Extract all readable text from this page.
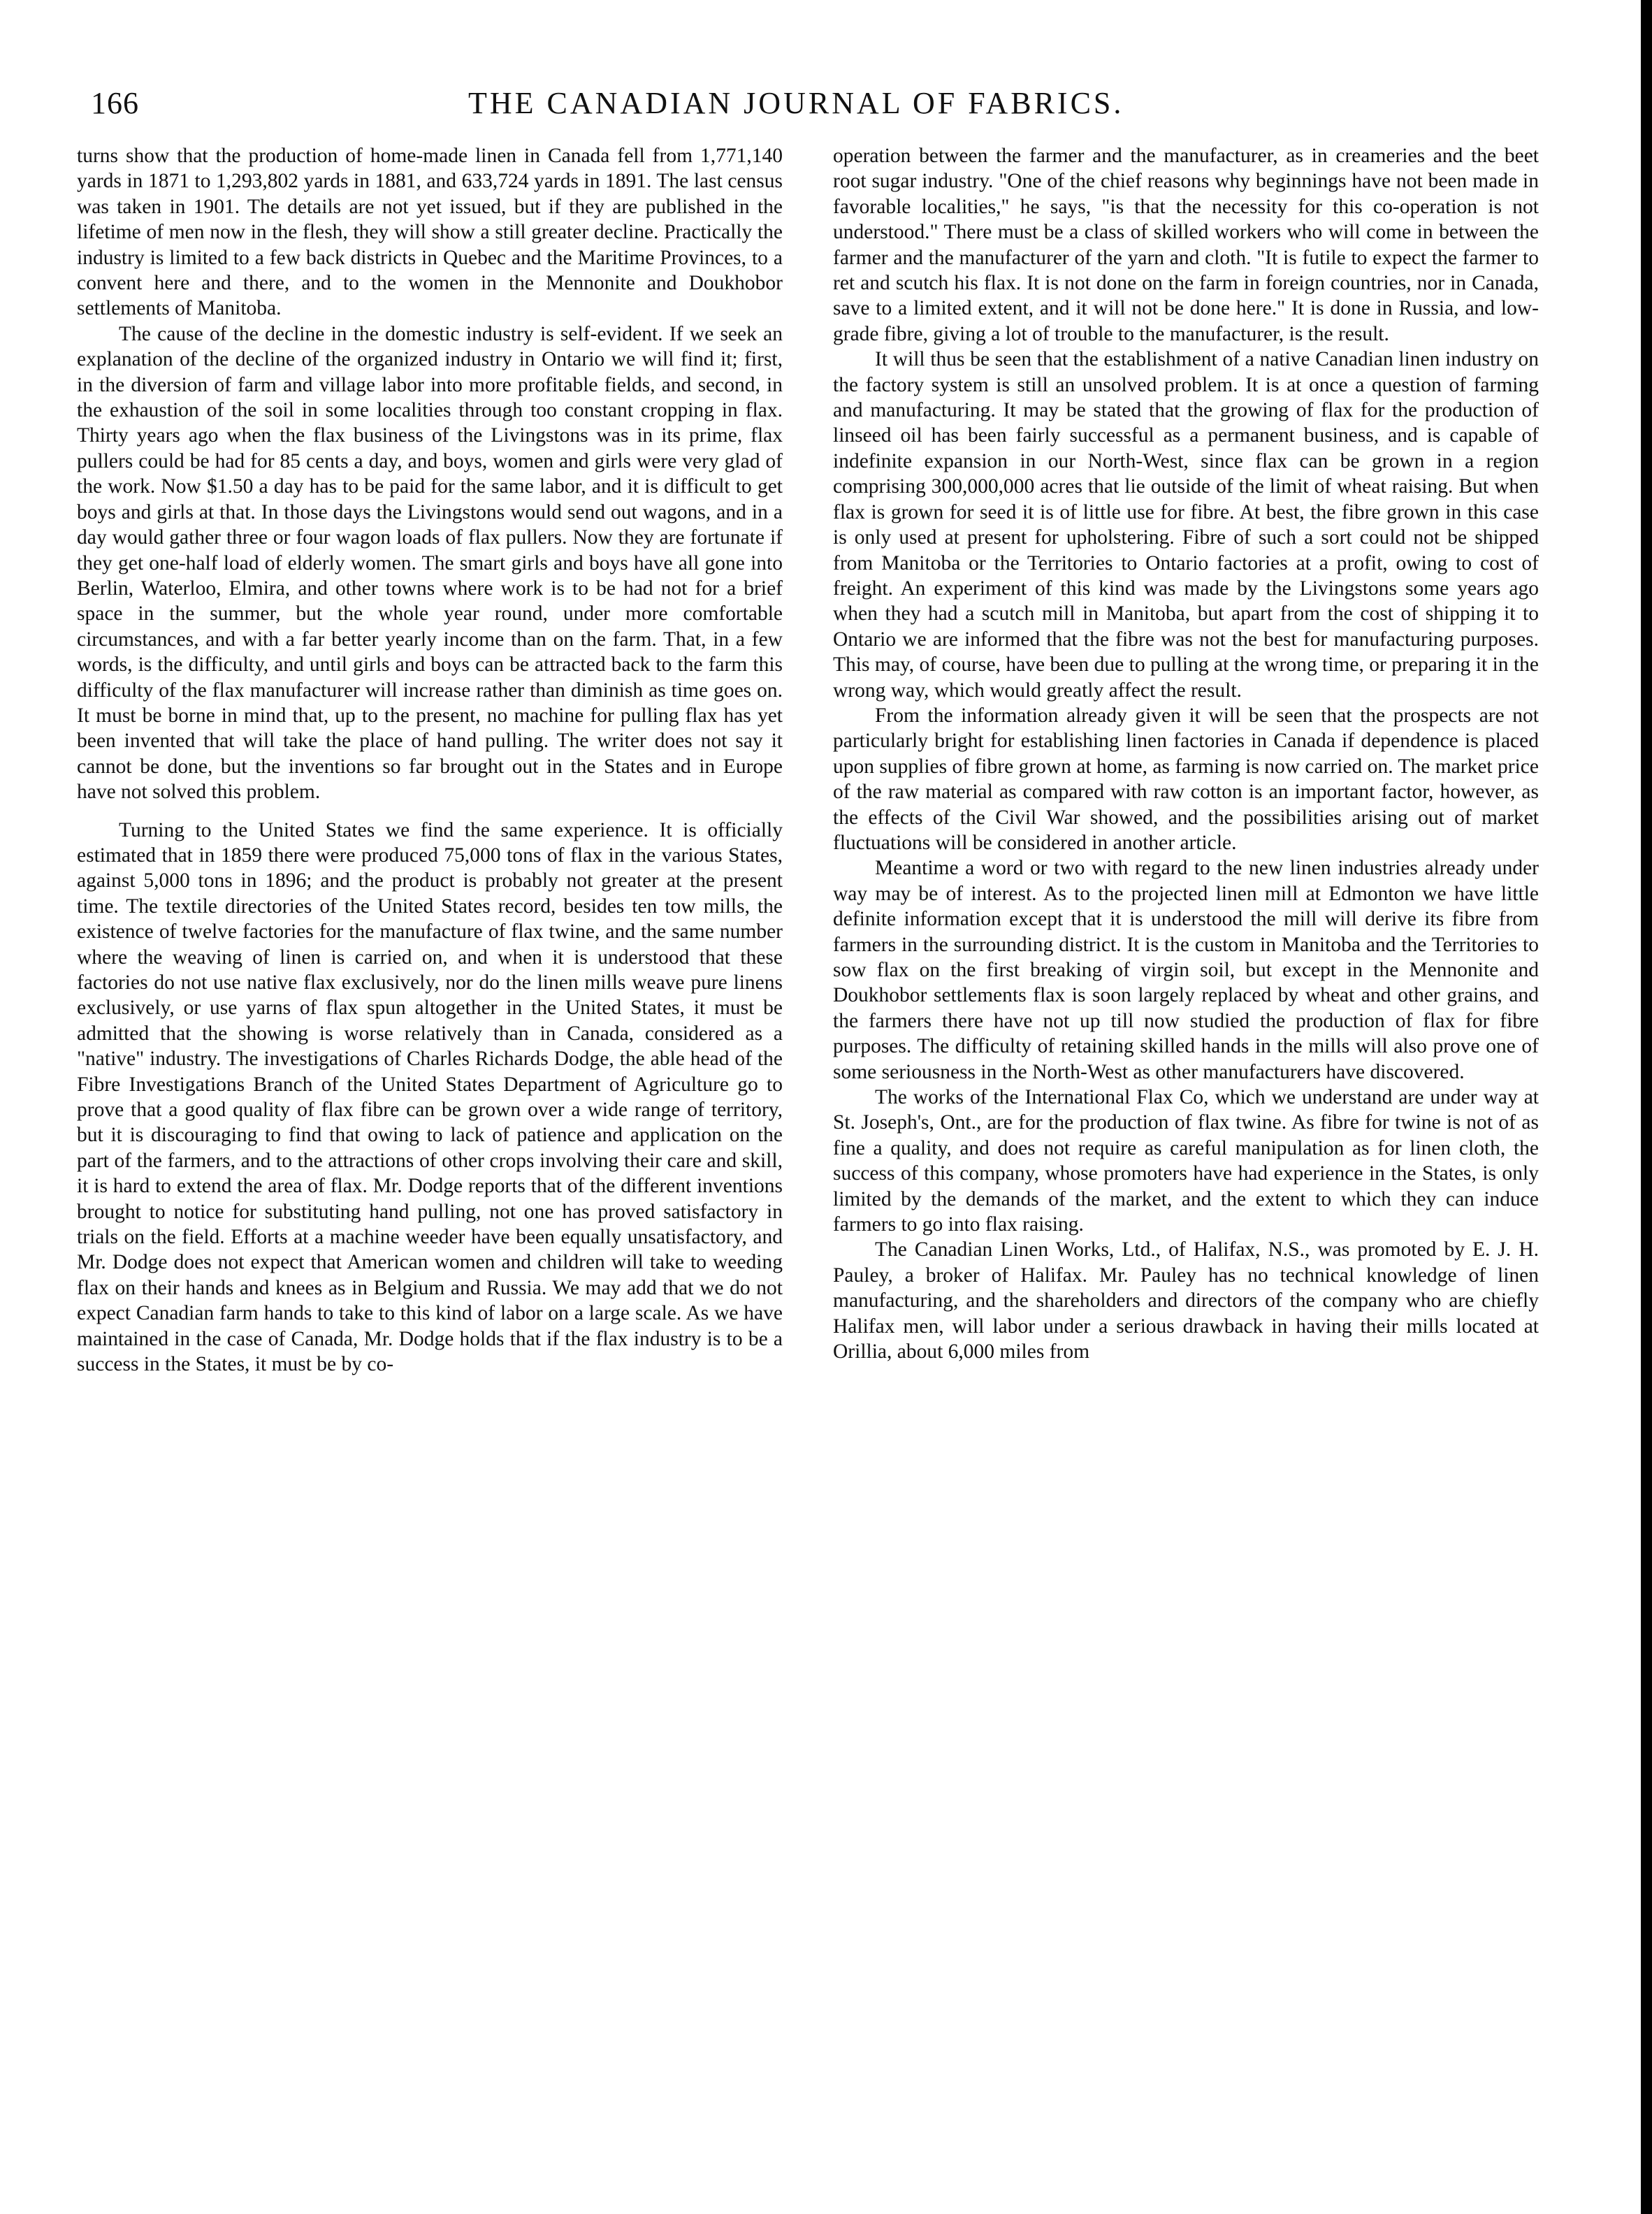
166	THE CANADIAN JOURNAL OF FABRICS.

turns show that the production of home-made linen in Canada fell from 1,771,140 yards in 1871 to 1,293,802 yards in 1881, and 633,724 yards in 1891. The last census was taken in 1901. The details are not yet issued, but if they are published in the lifetime of men now in the flesh, they will show a still greater decline. Practically the industry is limited to a few back districts in Quebec and the Maritime Provinces, to a convent here and there, and to the women in the Mennonite and Doukhobor settlements of Manitoba.

The cause of the decline in the domestic industry is self-evident. If we seek an explanation of the decline of the organized industry in Ontario we will find it; first, in the diversion of farm and village labor into more profitable fields, and second, in the exhaustion of the soil in some localities through too constant cropping in flax. Thirty years ago when the flax business of the Livingstons was in its prime, flax pullers could be had for 85 cents a day, and boys, women and girls were very glad of the work. Now $1.50 a day has to be paid for the same labor, and it is difficult to get boys and girls at that. In those days the Livingstons would send out wagons, and in a day would gather three or four wagon loads of flax pullers. Now they are fortunate if they get one-half load of elderly women. The smart girls and boys have all gone into Berlin, Waterloo, Elmira, and other towns where work is to be had not for a brief space in the summer, but the whole year round, under more comfortable circumstances, and with a far better yearly income than on the farm. That, in a few words, is the difficulty, and until girls and boys can be attracted back to the farm this difficulty of the flax manufacturer will increase rather than diminish as time goes on. It must be borne in mind that, up to the present, no machine for pulling flax has yet been invented that will take the place of hand pulling. The writer does not say it cannot be done, but the inventions so far brought out in the States and in Europe have not solved this problem.

Turning to the United States we find the same experience. It is officially estimated that in 1859 there were produced 75,000 tons of flax in the various States, against 5,000 tons in 1896; and the product is probably not greater at the present time. The textile directories of the United States record, besides ten tow mills, the existence of twelve factories for the manufacture of flax twine, and the same number where the weaving of linen is carried on, and when it is understood that these factories do not use native flax exclusively, nor do the linen mills weave pure linens exclusively, or use yarns of flax spun altogether in the United States, it must be admitted that the showing is worse relatively than in Canada, considered as a "native" industry. The investigations of Charles Richards Dodge, the able head of the Fibre Investigations Branch of the United States Department of Agriculture go to prove that a good quality of flax fibre can be grown over a wide range of territory, but it is discouraging to find that owing to lack of patience and application on the part of the farmers, and to the attractions of other crops involving their care and skill, it is hard to extend the area of flax. Mr. Dodge reports that of the different inventions brought to notice for substituting hand pulling, not one has proved satisfactory in trials on the field. Efforts at a machine weeder have been equally unsatisfactory, and Mr. Dodge does not expect that American women and children will take to weeding flax on their hands and knees as in Belgium and Russia. We may add that we do not expect Canadian farm hands to take to this kind of labor on a large scale. As we have maintained in the case of Canada, Mr. Dodge holds that if the flax industry is to be a success in the States, it must be by co-

operation between the farmer and the manufacturer, as in creameries and the beet root sugar industry. "One of the chief reasons why beginnings have not been made in favorable localities," he says, "is that the necessity for this co-operation is not understood." There must be a class of skilled workers who will come in between the farmer and the manufacturer of the yarn and cloth. "It is futile to expect the farmer to ret and scutch his flax. It is not done on the farm in foreign countries, nor in Canada, save to a limited extent, and it will not be done here." It is done in Russia, and low-grade fibre, giving a lot of trouble to the manufacturer, is the result.

It will thus be seen that the establishment of a native Canadian linen industry on the factory system is still an unsolved problem. It is at once a question of farming and manufacturing. It may be stated that the growing of flax for the production of linseed oil has been fairly successful as a permanent business, and is capable of indefinite expansion in our North-West, since flax can be grown in a region comprising 300,000,000 acres that lie outside of the limit of wheat raising. But when flax is grown for seed it is of little use for fibre. At best, the fibre grown in this case is only used at present for upholstering. Fibre of such a sort could not be shipped from Manitoba or the Territories to Ontario factories at a profit, owing to cost of freight. An experiment of this kind was made by the Livingstons some years ago when they had a scutch mill in Manitoba, but apart from the cost of shipping it to Ontario we are informed that the fibre was not the best for manufacturing purposes. This may, of course, have been due to pulling at the wrong time, or preparing it in the wrong way, which would greatly affect the result.

From the information already given it will be seen that the prospects are not particularly bright for establishing linen factories in Canada if dependence is placed upon supplies of fibre grown at home, as farming is now carried on. The market price of the raw material as compared with raw cotton is an important factor, however, as the effects of the Civil War showed, and the possibilities arising out of market fluctuations will be considered in another article.

Meantime a word or two with regard to the new linen industries already under way may be of interest. As to the projected linen mill at Edmonton we have little definite information except that it is understood the mill will derive its fibre from farmers in the surrounding district. It is the custom in Manitoba and the Territories to sow flax on the first breaking of virgin soil, but except in the Mennonite and Doukhobor settlements flax is soon largely replaced by wheat and other grains, and the farmers there have not up till now studied the production of flax for fibre purposes. The difficulty of retaining skilled hands in the mills will also prove one of some seriousness in the North-West as other manufacturers have discovered.

The works of the International Flax Co, which we understand are under way at St. Joseph's, Ont., are for the production of flax twine. As fibre for twine is not of as fine a quality, and does not require as careful manipulation as for linen cloth, the success of this company, whose promoters have had experience in the States, is only limited by the demands of the market, and the extent to which they can induce farmers to go into flax raising.

The Canadian Linen Works, Ltd., of Halifax, N.S., was promoted by E. J. H. Pauley, a broker of Halifax. Mr. Pauley has no technical knowledge of linen manufacturing, and the shareholders and directors of the company who are chiefly Halifax men, will labor under a serious drawback in having their mills located at Orillia, about 6,000 miles from
